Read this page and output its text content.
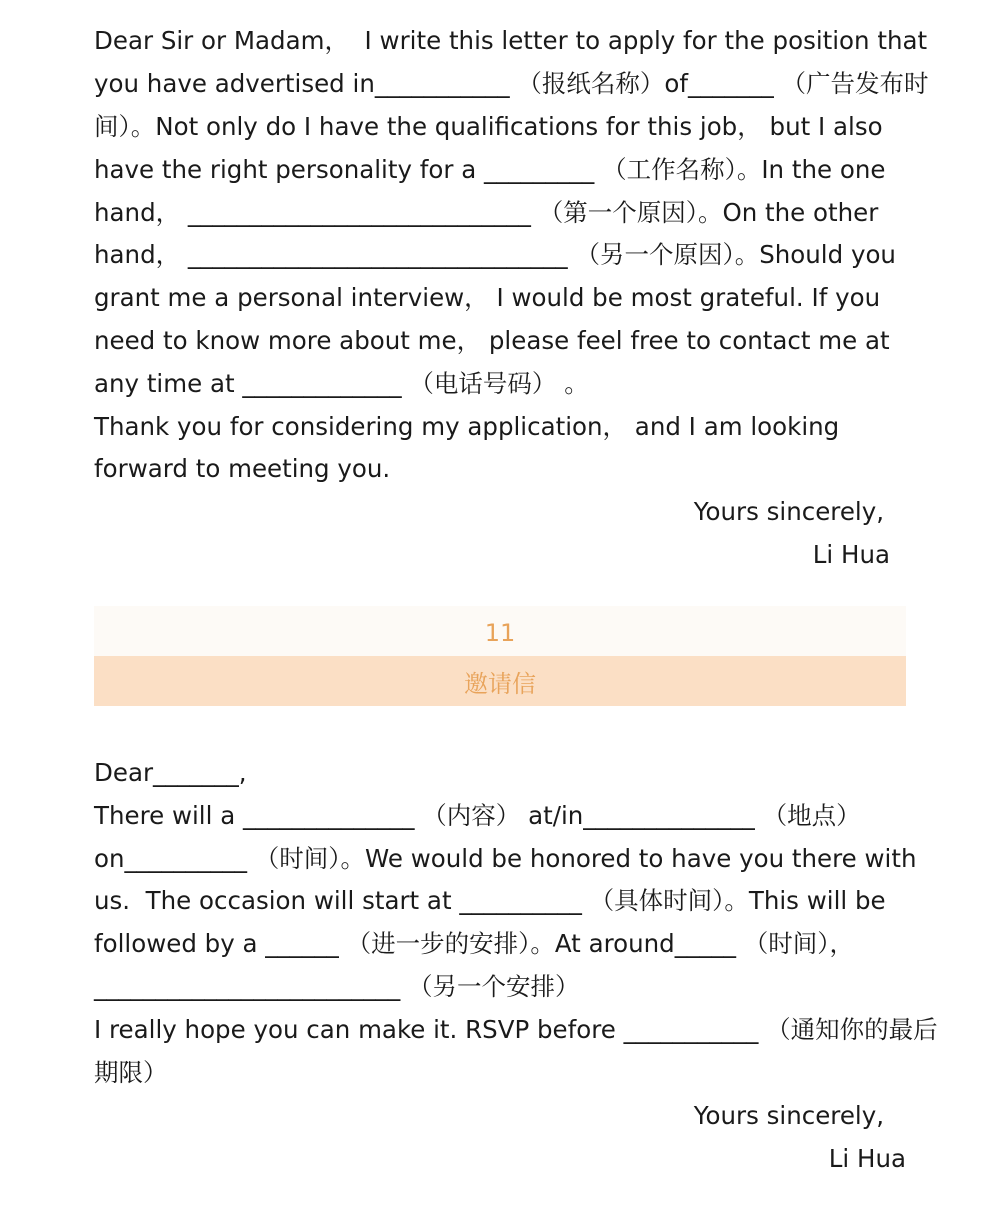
Dear Sir or Madam，  I write this letter to apply for the position that
you have advertised in___________ （报纸名称）of_______ （广告发布时
间）。Not only do I have the qualifications for this job， but I also
have the right personality for a _________ （工作名称）。In the one
hand， ____________________________ （第一个原因）。On the other
hand， _______________________________ （另一个原因）。Should you
grant me a personal interview， I would be most grateful. If you
need to know more about me， please feel free to contact me at
any time at _____________ （电话号码） 。
Thank you for considering my application， and I am looking
forward to meeting you.
Yours sincerely,
Li Hua
11
邀请信
Dear_______,
There will a ______________ （内容） at/in______________ （地点）
on__________ （时间）。We would be honored to have you there with
us.  The occasion will start at __________ （具体时间）。This will be
followed by a ______ （进一步的安排）。At around_____ （时间），
_________________________ （另一个安排）
I really hope you can make it. RSVP before ___________ （通知你的最后
期限）
Yours sincerely,
Li Hua
